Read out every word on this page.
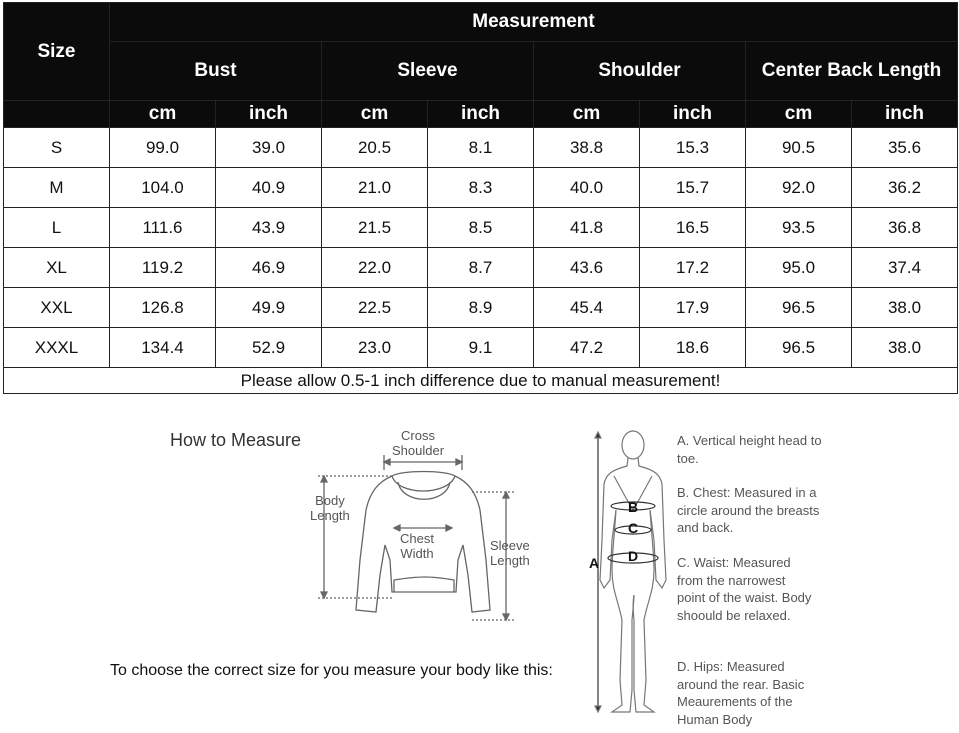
Size	Measurement							
	Bust		Sleeve		Shoulder		Center Back Length	
	cm	inch	cm	inch	cm	inch	cm	inch
S	99.0	39.0	20.5	8.1	38.8	15.3	90.5	35.6
M	104.0	40.9	21.0	8.3	40.0	15.7	92.0	36.2
L	111.6	43.9	21.5	8.5	41.8	16.5	93.5	36.8
XL	119.2	46.9	22.0	8.7	43.6	17.2	95.0	37.4
XXL	126.8	49.9	22.5	8.9	45.4	17.9	96.5	38.0
XXXL	134.4	52.9	23.0	9.1	47.2	18.6	96.5	38.0
Please allow 0.5-1 inch difference due to manual measurement!								
How to Measure	Cross
Shoulder
Body
Length
Chest
Width
Sleeve
Length
To choose the correct size for you measure your body like this:
B
C
D
A
A. Vertical height head to toe.
B. Chest: Measured in a circle around the breasts and back.
C. Waist: Measured from the narrowest point of the waist. Body shoould be relaxed.
D. Hips: Measured around the rear. Basic Meaurements of the Human Body
